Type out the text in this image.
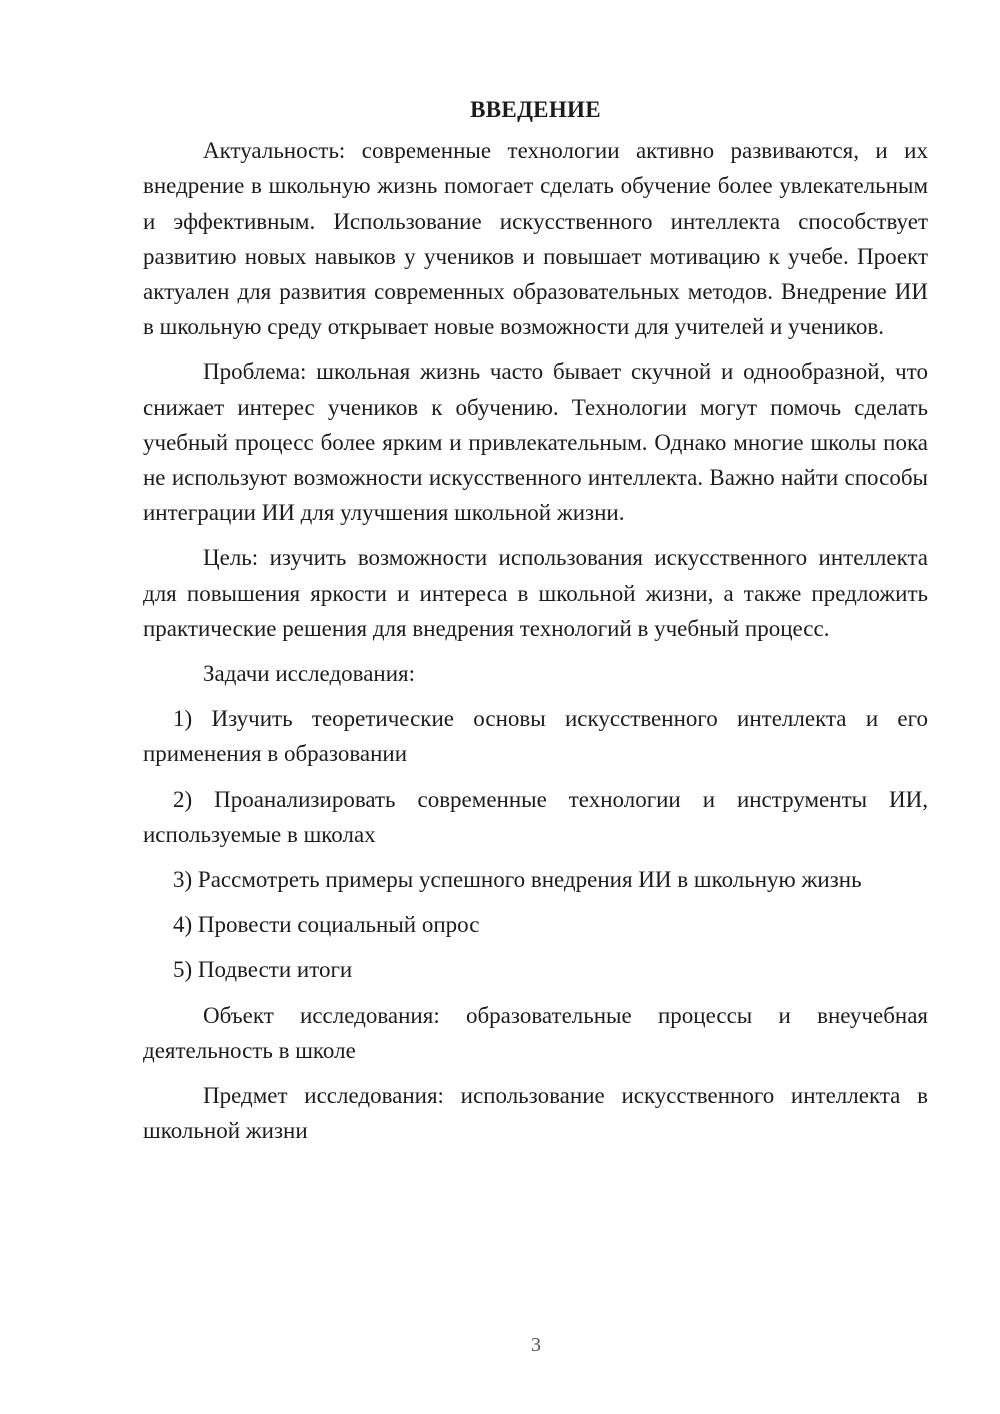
ВВЕДЕНИЕ

Актуальность: современные технологии активно развиваются, и их внедрение в школьную жизнь помогает сделать обучение более увлекательным и эффективным. Использование искусственного интеллекта способствует развитию новых навыков у учеников и повышает мотивацию к учебе. Проект актуален для развития современных образовательных методов. Внедрение ИИ в школьную среду открывает новые возможности для учителей и учеников.

Проблема: школьная жизнь часто бывает скучной и однообразной, что снижает интерес учеников к обучению. Технологии могут помочь сделать учебный процесс более ярким и привлекательным. Однако многие школы пока не используют возможности искусственного интеллекта. Важно найти способы интеграции ИИ для улучшения школьной жизни.

Цель: изучить возможности использования искусственного интеллекта для повышения яркости и интереса в школьной жизни, а также предложить практические решения для внедрения технологий в учебный процесс.

Задачи исследования:

1) Изучить теоретические основы искусственного интеллекта и его применения в образовании

2) Проанализировать современные технологии и инструменты ИИ, используемые в школах

3) Рассмотреть примеры успешного внедрения ИИ в школьную жизнь

4) Провести социальный опрос

5) Подвести итоги

Объект исследования: образовательные процессы и внеучебная деятельность в школе

Предмет исследования: использование искусственного интеллекта в школьной жизни

3
